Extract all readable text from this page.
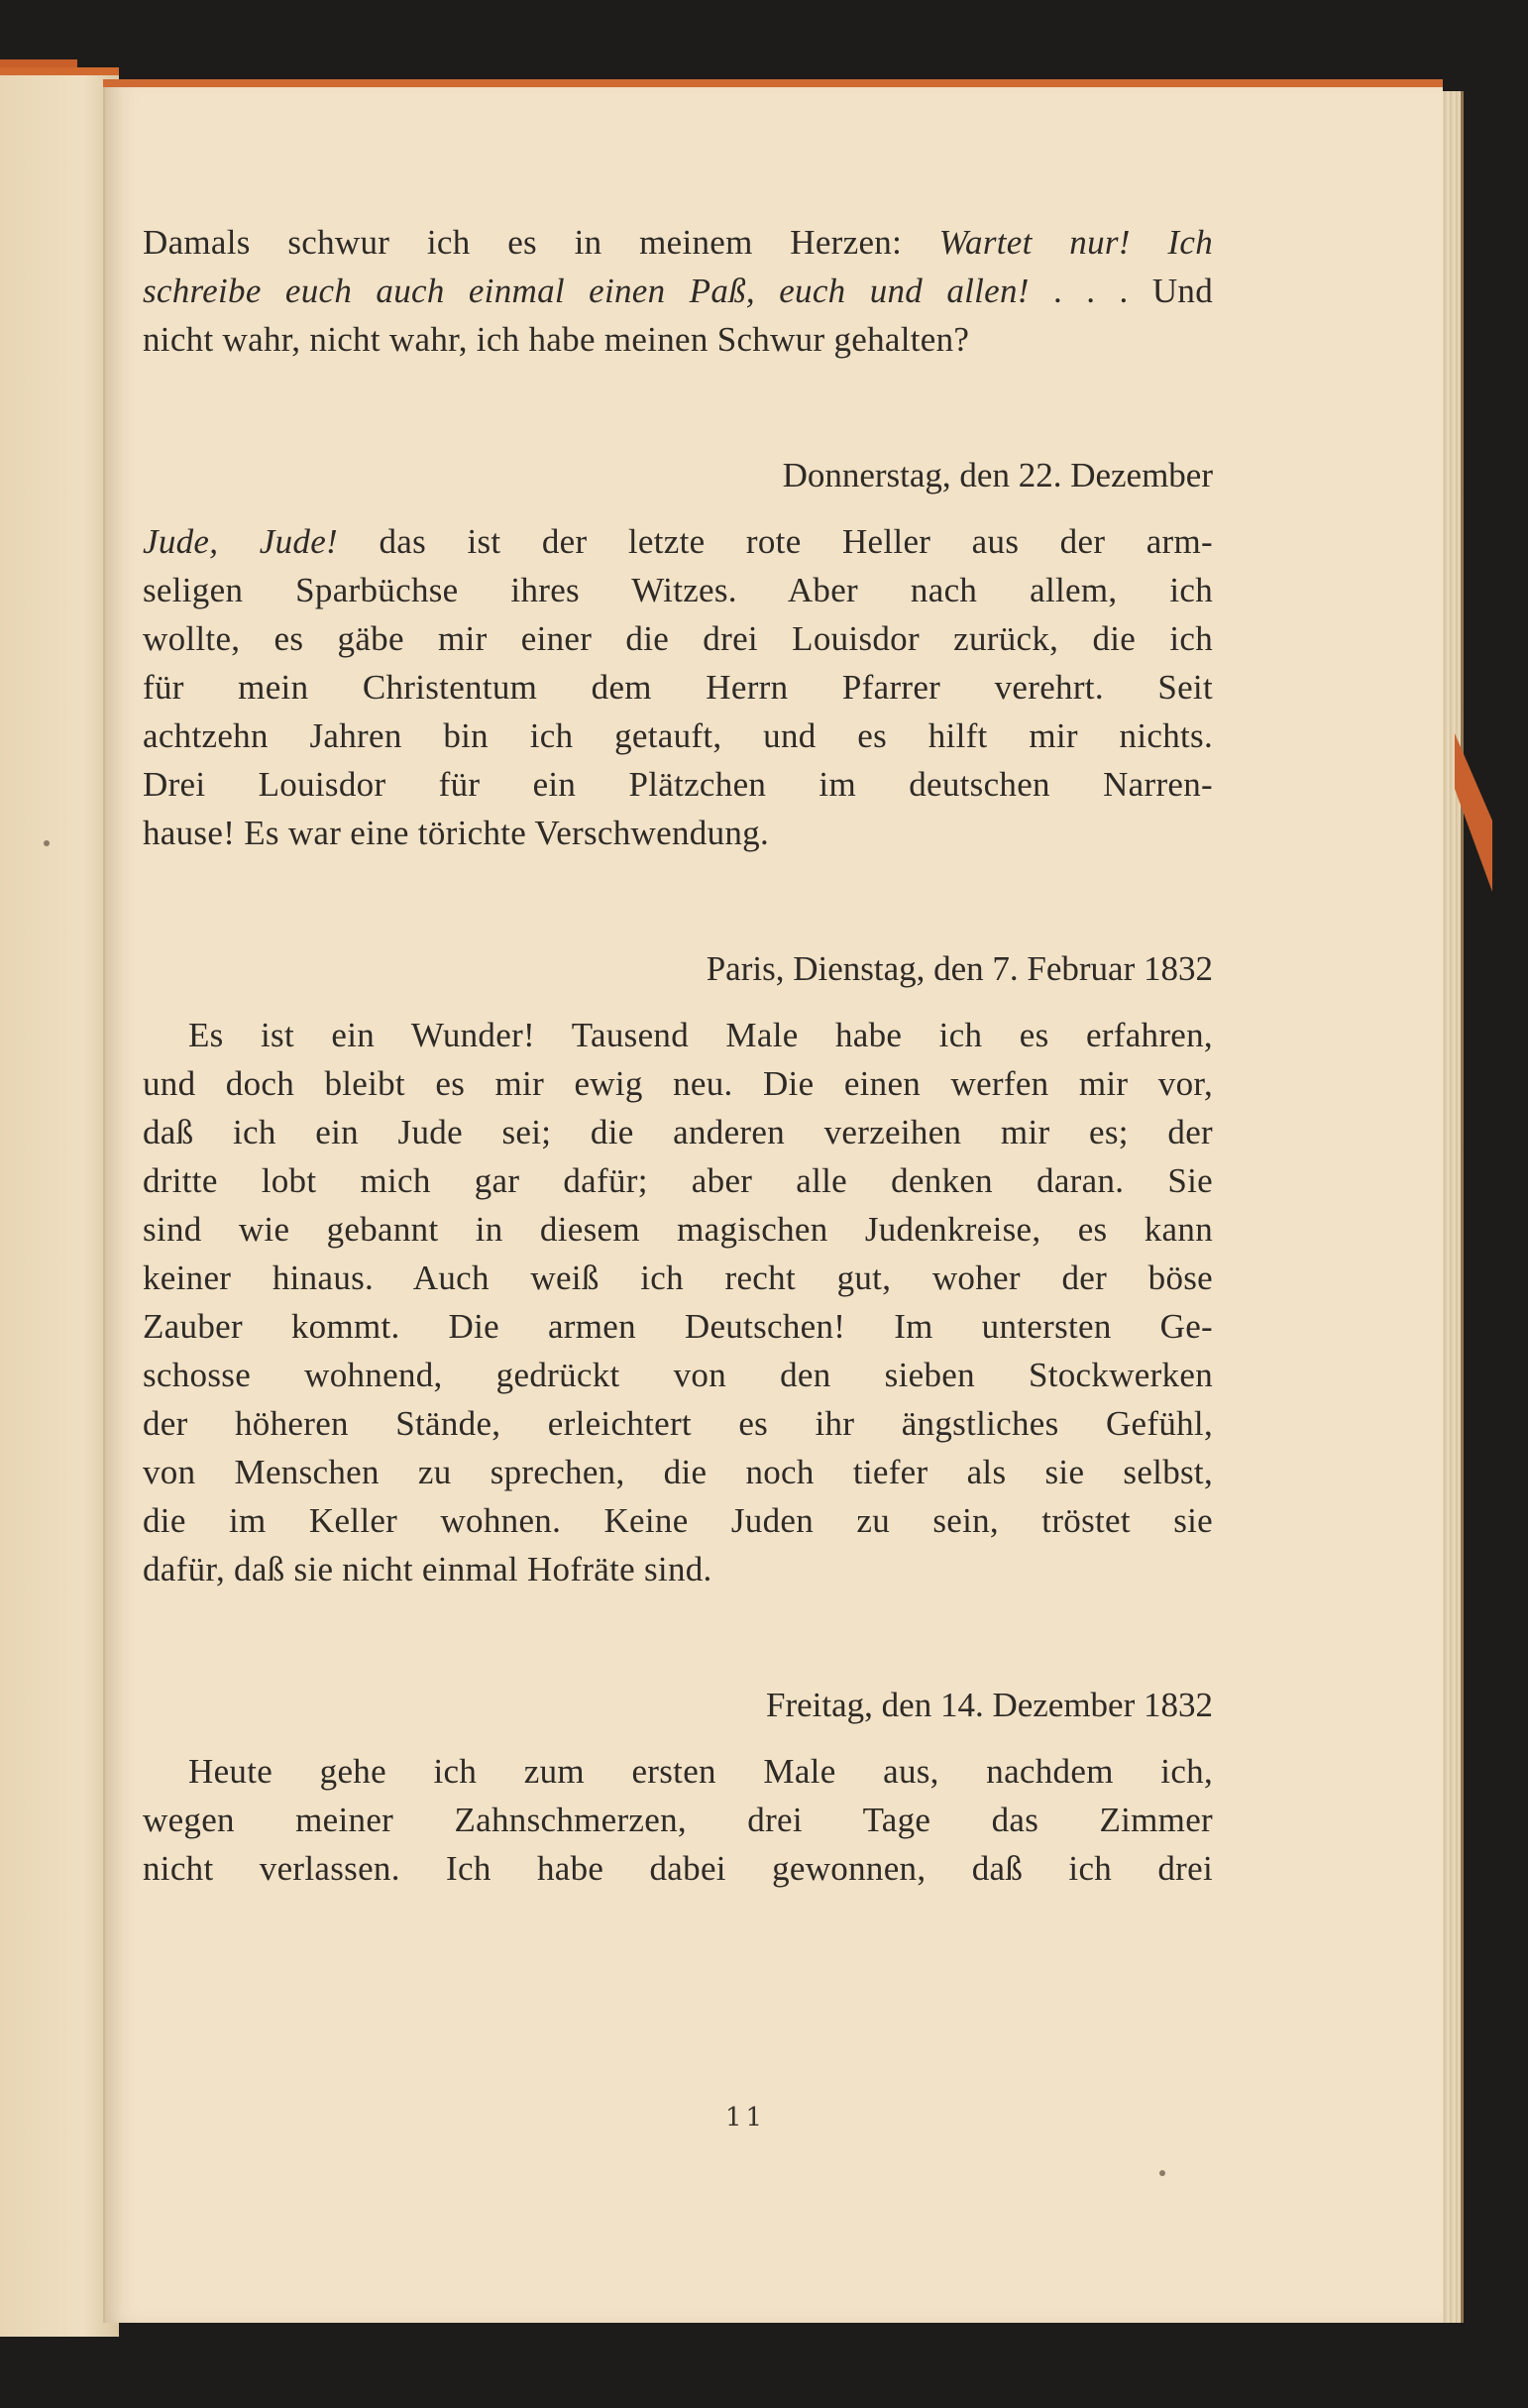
Damals schwur ich es in meinem Herzen: Wartet nur! Ich
schreibe euch auch einmal einen Paß, euch und allen! . . . Und
nicht wahr, nicht wahr, ich habe meinen Schwur gehalten?
Donnerstag, den 22. Dezember
Jude, Jude! das ist der letzte rote Heller aus der arm-
seligen Sparbüchse ihres Witzes. Aber nach allem, ich
wollte, es gäbe mir einer die drei Louisdor zurück, die ich
für mein Christentum dem Herrn Pfarrer verehrt. Seit
achtzehn Jahren bin ich getauft, und es hilft mir nichts.
Drei Louisdor für ein Plätzchen im deutschen Narren-
hause! Es war eine törichte Verschwendung.
Paris, Dienstag, den 7. Februar 1832
Es ist ein Wunder! Tausend Male habe ich es erfahren,
und doch bleibt es mir ewig neu. Die einen werfen mir vor,
daß ich ein Jude sei; die anderen verzeihen mir es; der
dritte lobt mich gar dafür; aber alle denken daran. Sie
sind wie gebannt in diesem magischen Judenkreise, es kann
keiner hinaus. Auch weiß ich recht gut, woher der böse
Zauber kommt. Die armen Deutschen! Im untersten Ge-
schosse wohnend, gedrückt von den sieben Stockwerken
der höheren Stände, erleichtert es ihr ängstliches Gefühl,
von Menschen zu sprechen, die noch tiefer als sie selbst,
die im Keller wohnen. Keine Juden zu sein, tröstet sie
dafür, daß sie nicht einmal Hofräte sind.
Freitag, den 14. Dezember 1832
Heute gehe ich zum ersten Male aus, nachdem ich,
wegen meiner Zahnschmerzen, drei Tage das Zimmer
nicht verlassen. Ich habe dabei gewonnen, daß ich drei
11
